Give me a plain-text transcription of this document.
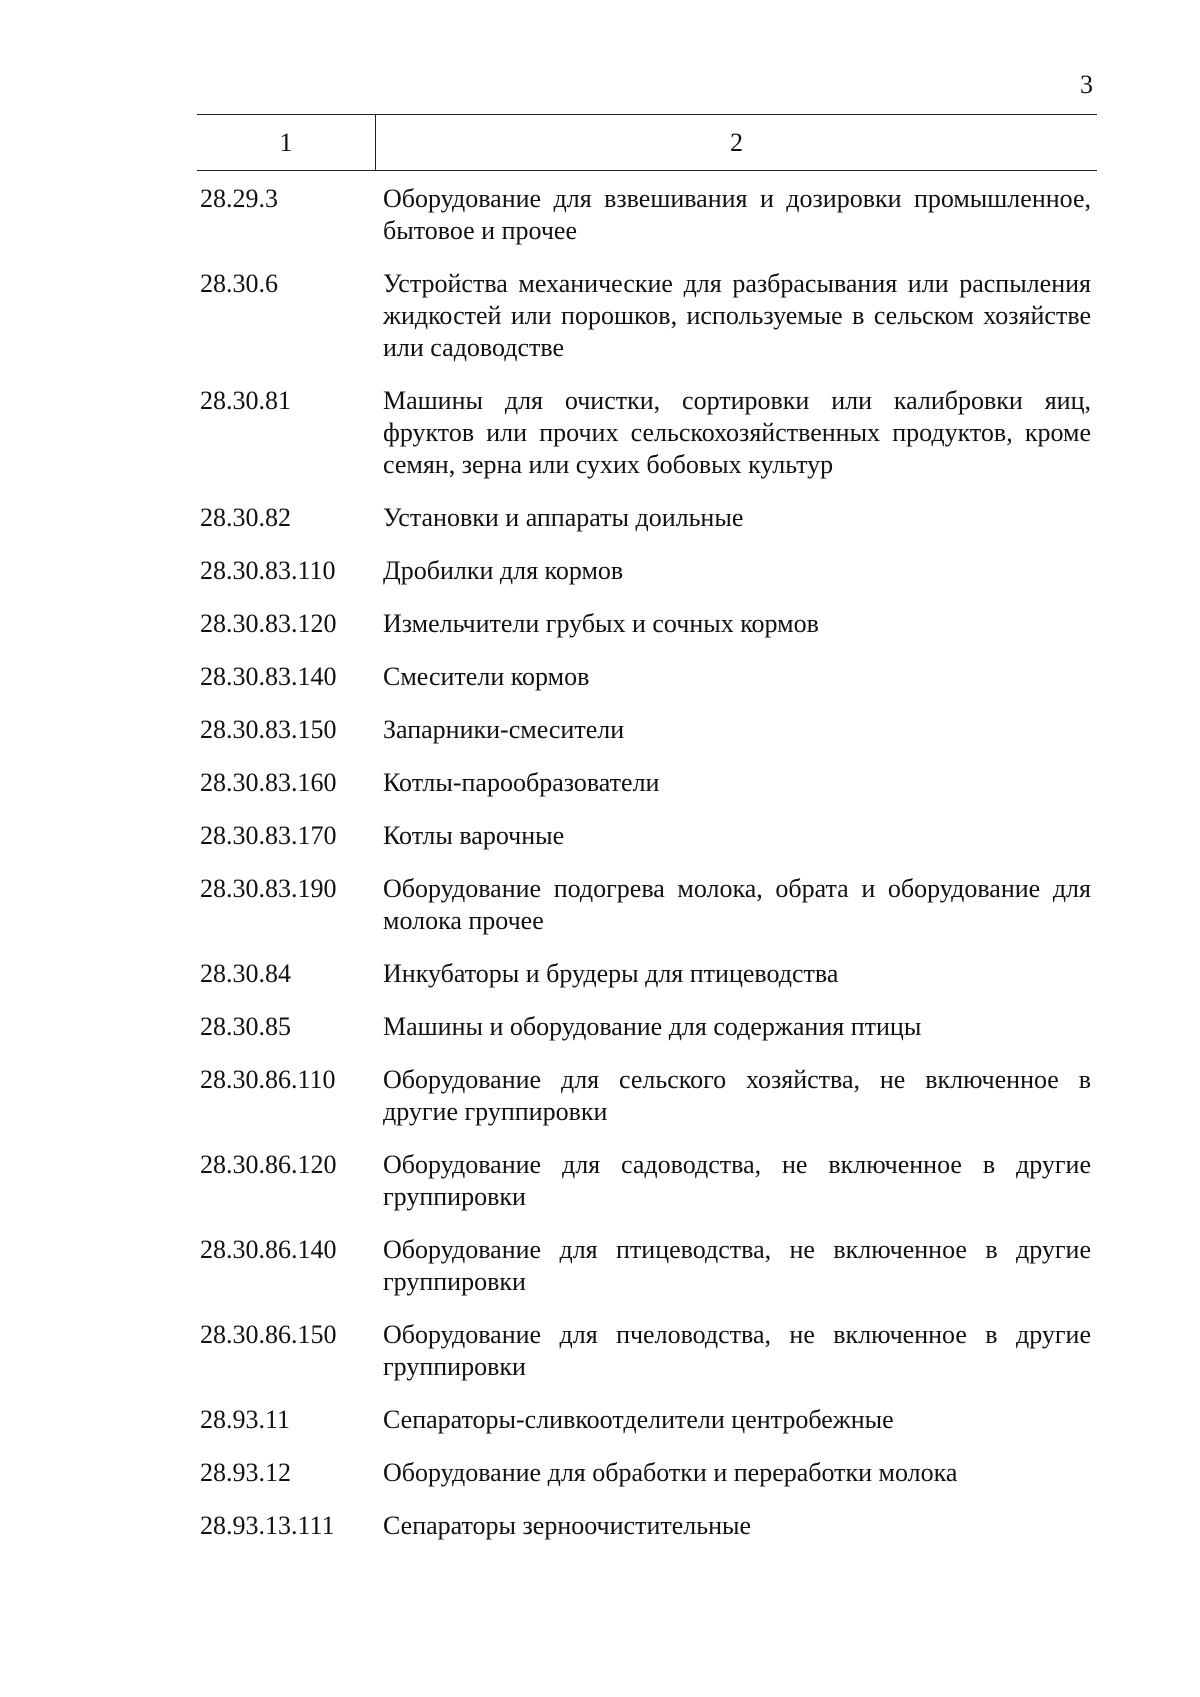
3
1	2
28.29.3	Оборудование для взвешивания и дозировки промышленное, бытовое и прочее
28.30.6	Устройства механические для разбрасывания или распыления жидкостей или порошков, используемые в сельском хозяйстве или садоводстве
28.30.81	Машины для очистки, сортировки или калибровки яиц, фруктов или прочих сельскохозяйственных продуктов, кроме семян, зерна или сухих бобовых культур
28.30.82	Установки и аппараты доильные
28.30.83.110	Дробилки для кормов
28.30.83.120	Измельчители грубых и сочных кормов
28.30.83.140	Смесители кормов
28.30.83.150	Запарники-смесители
28.30.83.160	Котлы-парообразователи
28.30.83.170	Котлы варочные
28.30.83.190	Оборудование подогрева молока, обрата и оборудование для молока прочее
28.30.84	Инкубаторы и брудеры для птицеводства
28.30.85	Машины и оборудование для содержания птицы
28.30.86.110	Оборудование для сельского хозяйства, не включенное в другие группировки
28.30.86.120	Оборудование для садоводства, не включенное в другие группировки
28.30.86.140	Оборудование для птицеводства, не включенное в другие группировки
28.30.86.150	Оборудование для пчеловодства, не включенное в другие группировки
28.93.11	Сепараторы-сливкоотделители центробежные
28.93.12	Оборудование для обработки и переработки молока
28.93.13.111	Сепараторы зерноочистительные
